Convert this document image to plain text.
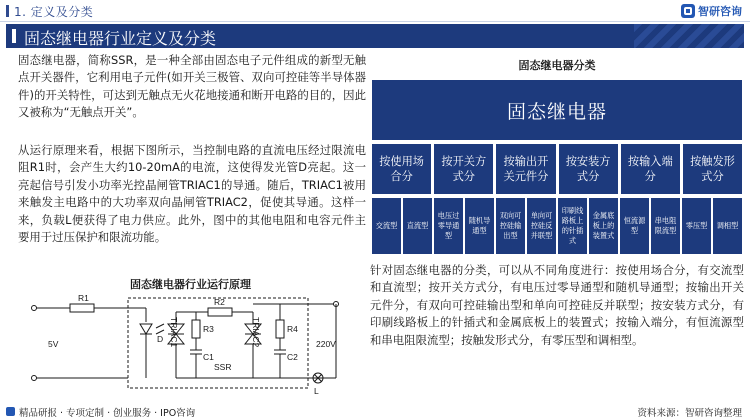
1. 定义及分类	智研咨询
固态继电器行业定义及分类
固态继电器，简称SSR，是一种全部由固态电子元件组成的新型无触点开关器件，它利用电子元件(如开关三极管、双向可控硅等半导体器件)的开关特性，可达到无触点无火花地接通和断开电路的目的，因此又被称为“无触点开关”。
从运行原理来看，根据下图所示，当控制电路的直流电压经过限流电阻R1时，会产生大约10-20mA的电流，这使得发光管D亮起。这一亮起信号引发小功率光控晶闸管TRIAC1的导通。随后，TRIAC1被用来触发主电路中的大功率双向晶闸管TRIAC2，促使其导通。这样一来，负载L便获得了电力供应。此外，图中的其他电阻和电容元件主要用于过压保护和限流功能。
针对固态继电器的分类，可以从不同角度进行：按使用场合分，有交流型和直流型；按开关方式分，有电压过零导通型和随机导通型；按输出开关元件分，有双向可控硅输出型和单向可控硅反并联型；按安装方式分，有印刷线路板上的针插式和金属底板上的装置式；按输入端分，有恒流源型和串电阻限流型；按触发形式分，有零压型和调相型。
固态继电器分类
固态继电器
按使用场合分
按开关方式分
按输出开关元件分
按安装方式分
按输入端分
按触发形式分
交流型	直流型
电压过零导通型
随机导通型
双向可控硅输出型
单向可控硅反并联型
印刷线路板上的针插式
金属底板上的装置式
恒流源型
串电阻限流型
零压型	调相型
固态继电器行业运行原理
R1	R2
R3	R4
C1	C2
D
SSR
L
5V	220V
TRIAC1	TRIAC2
精品研报 · 专项定制 · 创业服务 · IPO咨询	资料来源：智研咨询整理
